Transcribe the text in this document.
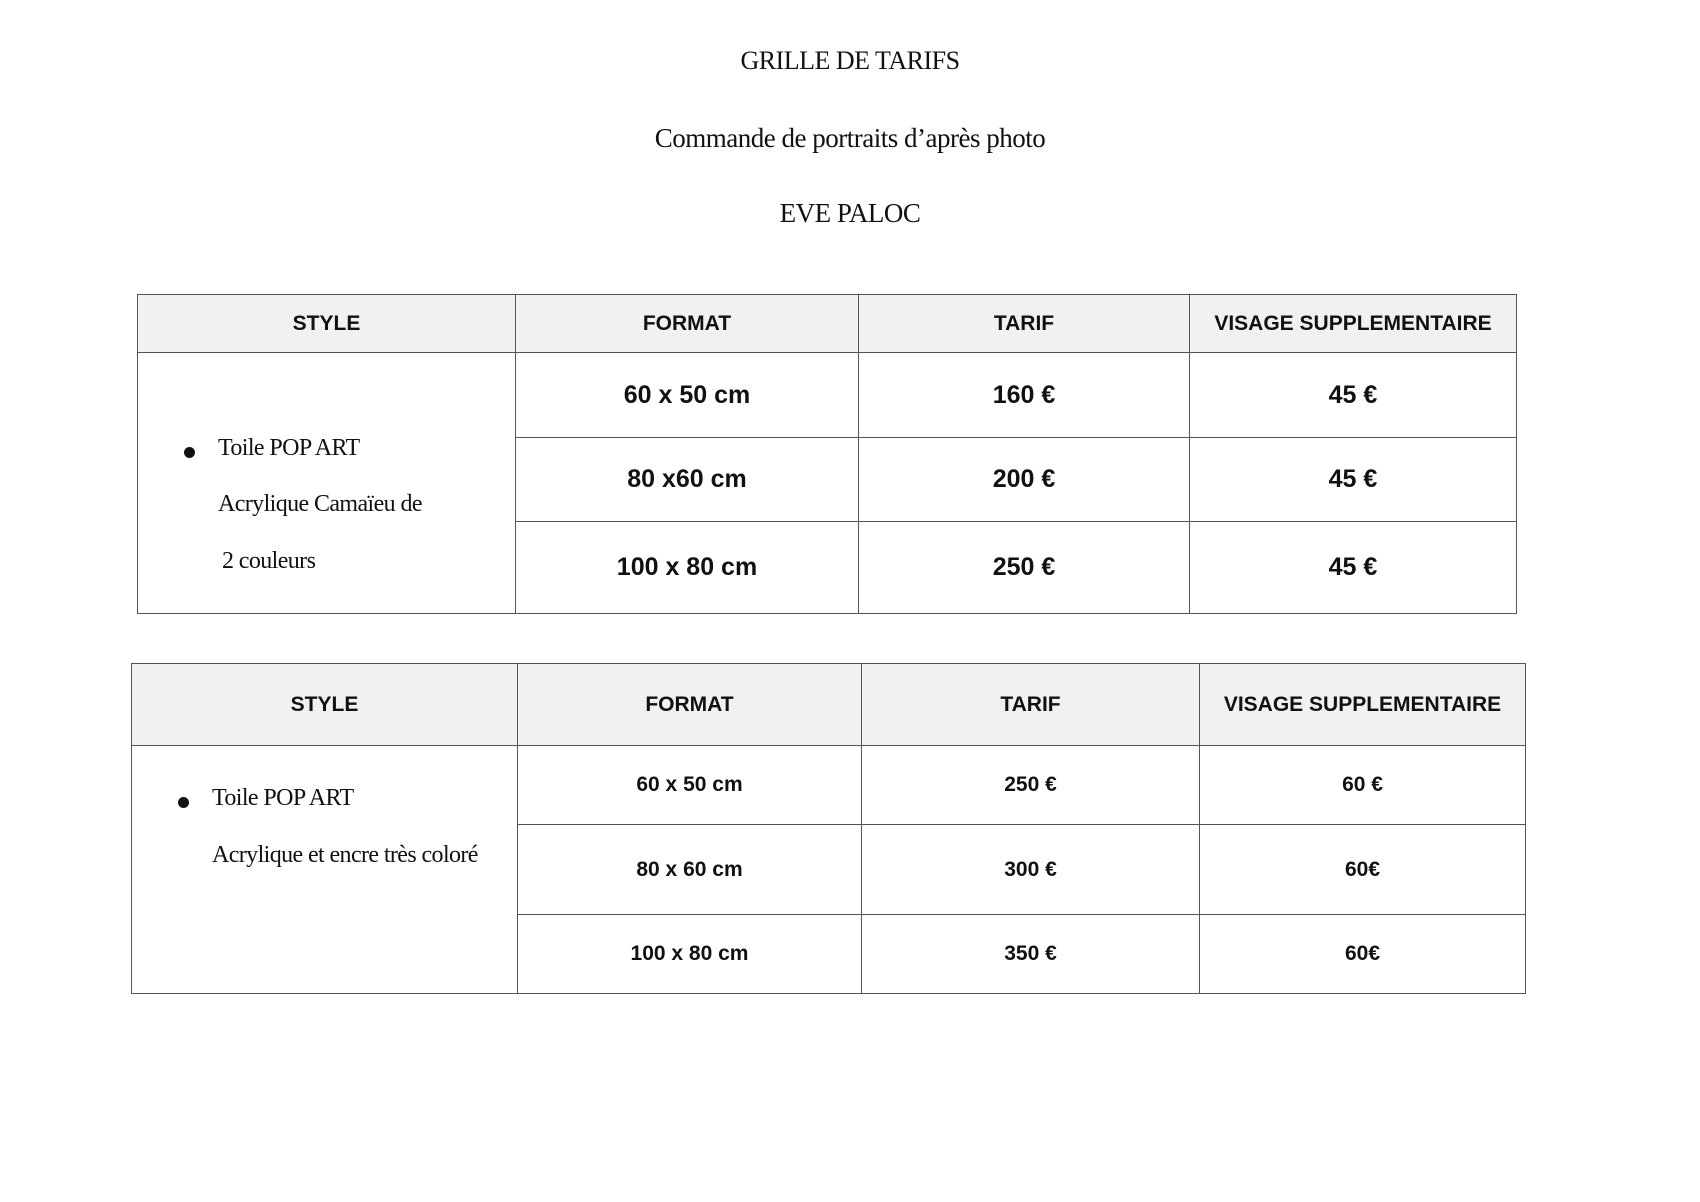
GRILLE DE TARIFS
Commande de portraits d’après photo
EVE PALOC
STYLE	FORMAT	TARIF	VISAGE SUPPLEMENTAIRE

Toile POP ART
Acrylique Camaïeu de
2 couleurs	60 x 50 cm	160 €	45 €
	80 x60 cm	200 €	45 €
	100 x 80 cm	250 €	45 €
STYLE	FORMAT	TARIF	VISAGE SUPPLEMENTAIRE

Toile POP ART
Acrylique et encre très coloré	60 x 50 cm	250 €	60 €
	80 x 60 cm	300 €	60€
	100 x 80 cm	350 €	60€
